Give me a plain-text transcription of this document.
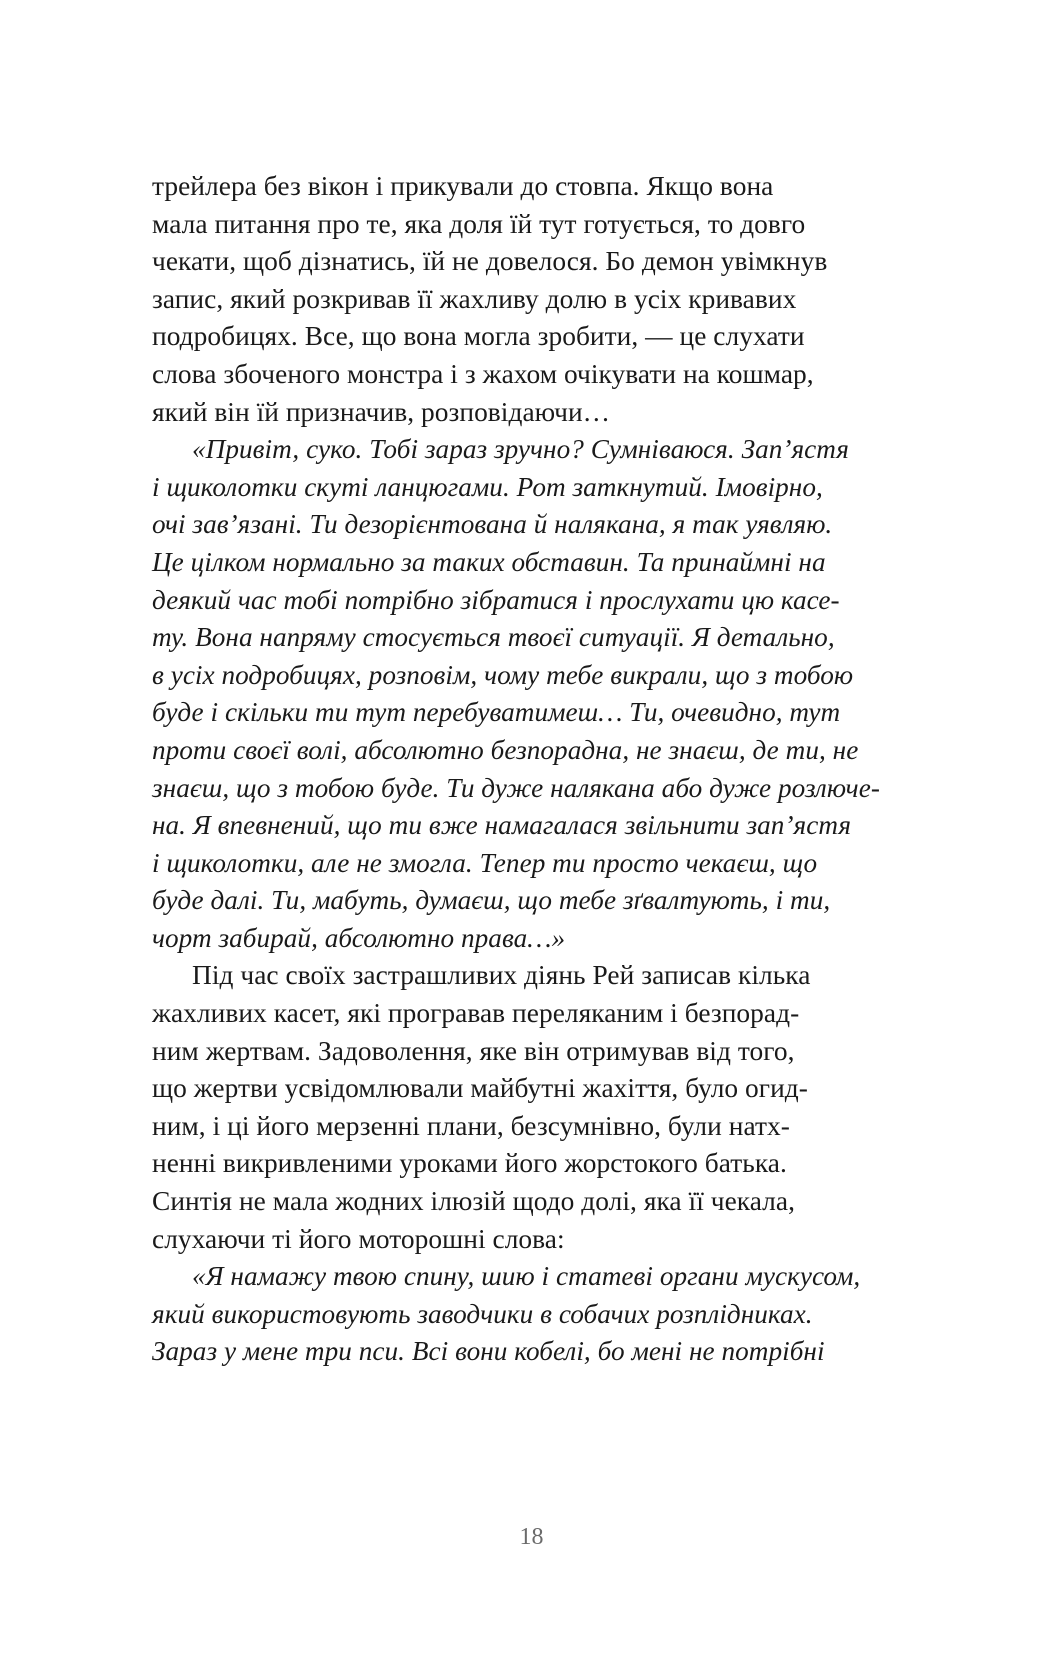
трейлера без вікон і прикували до стовпа. Якщо вона
мала питання про те, яка доля їй тут готується, то довго
чекати, щоб дізнатись, їй не довелося. Бо демон увімкнув
запис, який розкривав її жахливу долю в усіх кривавих
подробицях. Все, що вона могла зробити, — це слухати
слова збоченого монстра і з жахом очікувати на кошмар,
який він їй призначив, розповідаючи…

«Привіт, суко. Тобі зараз зручно? Сумніваюся. Зап’ястя
і щиколотки скуті ланцюгами. Рот заткнутий. Імовірно,
очі зав’язані. Ти дезорієнтована й налякана, я так уявляю.
Це цілком нормально за таких обставин. Та принаймні на
деякий час тобі потрібно зібратися і прослухати цю касе-
ту. Вона напряму стосується твоєї ситуації. Я детально,
в усіх подробицях, розповім, чому тебе викрали, що з тобою
буде і скільки ти тут перебуватимеш… Ти, очевидно, тут
проти своєї волі, абсолютно безпорадна, не знаєш, де ти, не
знаєш, що з тобою буде. Ти дуже налякана або дуже розлюче-
на. Я впевнений, що ти вже намагалася звільнити зап’ястя
і щиколотки, але не змогла. Тепер ти просто чекаєш, що
буде далі. Ти, мабуть, думаєш, що тебе зґвалтують, і ти,
чорт забирай, абсолютно права…»

Під час своїх застрашливих діянь Рей записав кілька
жахливих касет, які програвав переляканим і безпорад-
ним жертвам. Задоволення, яке він отримував від того,
що жертви усвідомлювали майбутні жахіття, було огид-
ним, і ці його мерзенні плани, безсумнівно, були натх-
ненні викривленими уроками його жорстокого батька.
Синтія не мала жодних ілюзій щодо долі, яка її чекала,
слухаючи ті його моторошні слова:

«Я намажу твою спину, шию і статеві органи мускусом,
який використовують заводчики в собачих розплідниках.
Зараз у мене три пси. Всі вони кобелі, бо мені не потрібні

18
